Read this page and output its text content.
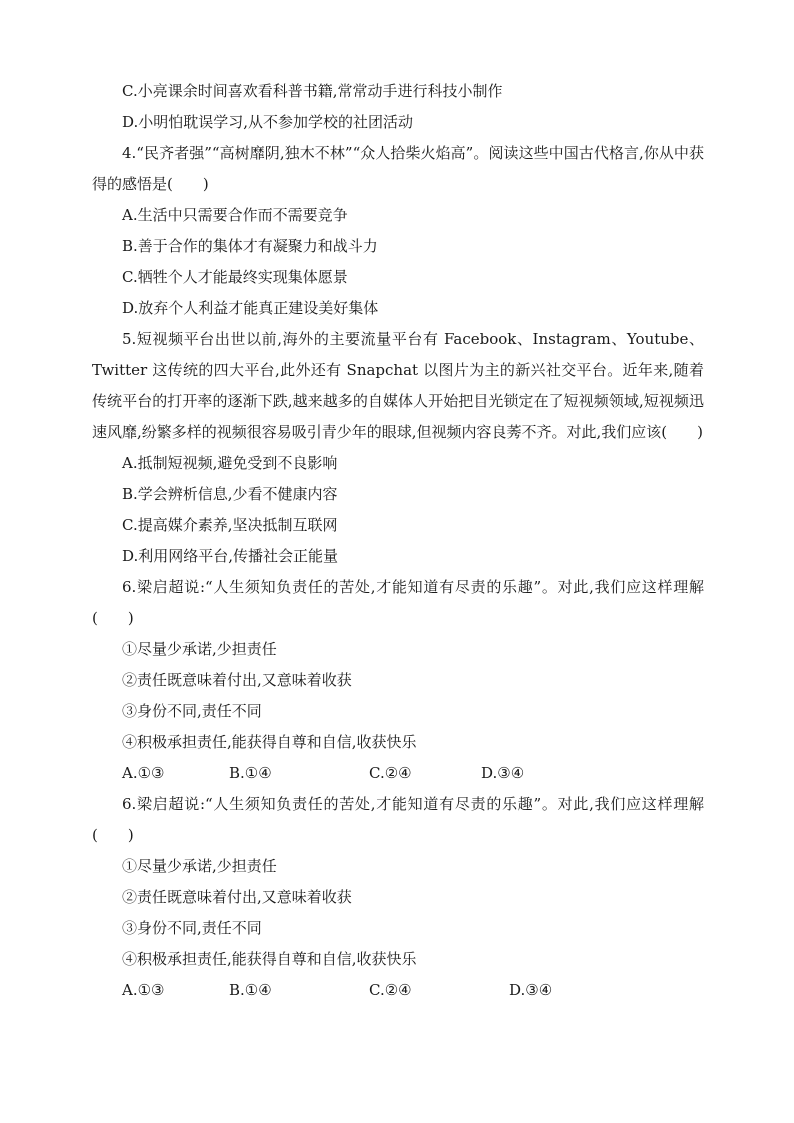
C.小亮课余时间喜欢看科普书籍,常常动手进行科技小制作
D.小明怕耽误学习,从不参加学校的社团活动
4.“民齐者强”“高树靡阴,独木不林”“众人拾柴火焰高”。阅读这些中国古代格言,你从中获得的感悟是(　　)
A.生活中只需要合作而不需要竞争
B.善于合作的集体才有凝聚力和战斗力
C.牺牲个人才能最终实现集体愿景
D.放弃个人利益才能真正建设美好集体
5.短视频平台出世以前,海外的主要流量平台有 Facebook、Instagram、Youtube、Twitter 这传统的四大平台,此外还有 Snapchat 以图片为主的新兴社交平台。近年来,随着传统平台的打开率的逐渐下跌,越来越多的自媒体人开始把目光锁定在了短视频领域,短视频迅速风靡,纷繁多样的视频很容易吸引青少年的眼球,但视频内容良莠不齐。对此,我们应该(　　)
A.抵制短视频,避免受到不良影响
B.学会辨析信息,少看不健康内容
C.提高媒介素养,坚决抵制互联网
D.利用网络平台,传播社会正能量
6.梁启超说:“人生须知负责任的苦处,才能知道有尽责的乐趣”。对此,我们应这样理解(　　)
①尽量少承诺,少担责任
②责任既意味着付出,又意味着收获
③身份不同,责任不同
④积极承担责任,能获得自尊和自信,收获快乐
A.①③	B.①④	C.②④	D.③④
6.梁启超说:“人生须知负责任的苦处,才能知道有尽责的乐趣”。对此,我们应这样理解(　　)
①尽量少承诺,少担责任
②责任既意味着付出,又意味着收获
③身份不同,责任不同
④积极承担责任,能获得自尊和自信,收获快乐
A.①③	B.①④	C.②④	D.③④
